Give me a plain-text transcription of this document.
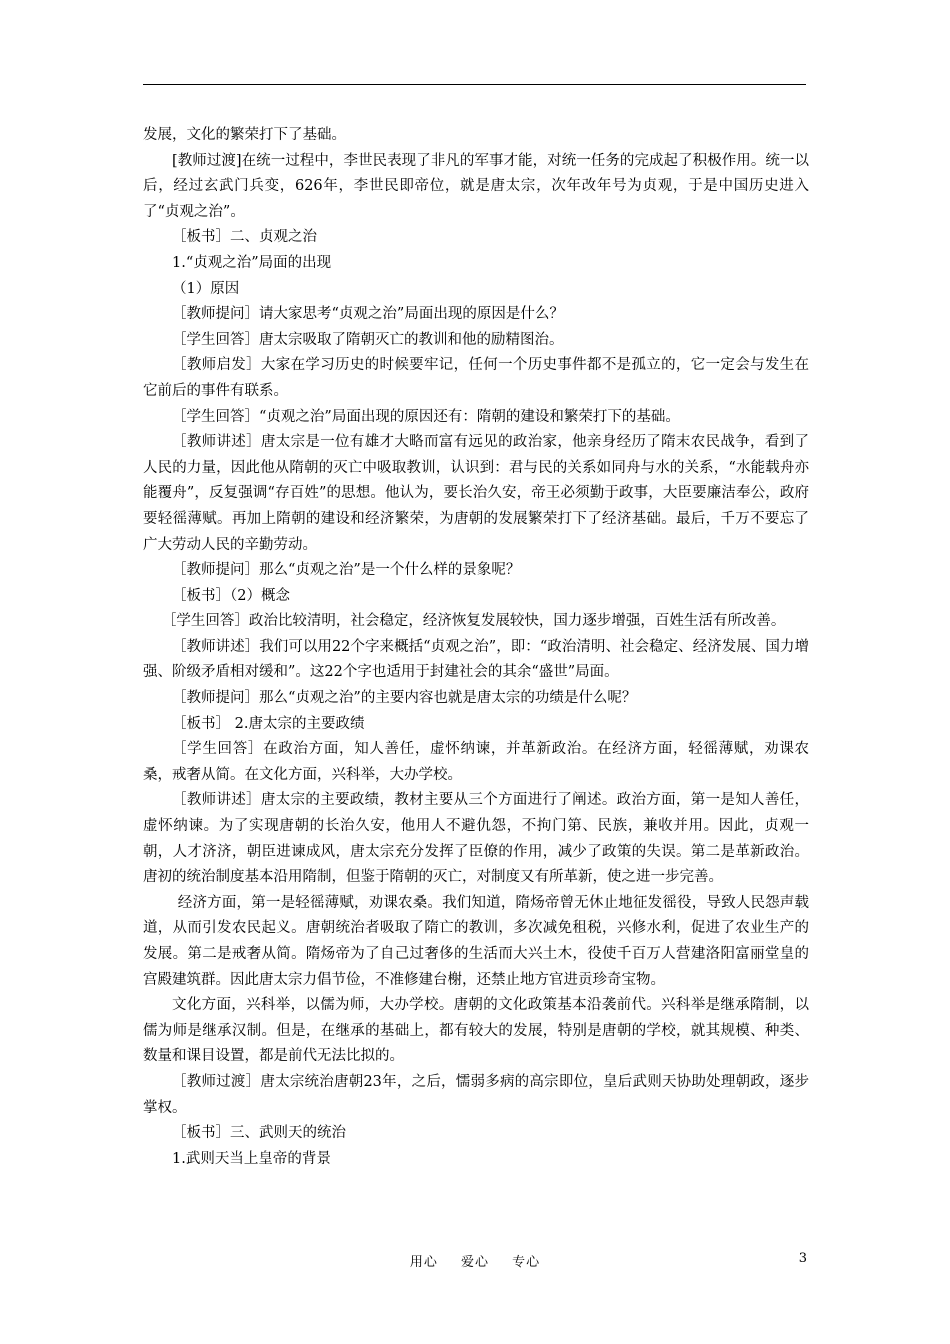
发展，文化的繁荣打下了基础。

[教师过渡]在统一过程中，李世民表现了非凡的军事才能，对统一任务的完成起了积极作用。统一以后，经过玄武门兵变，626年，李世民即帝位，就是唐太宗，次年改年号为贞观，于是中国历史进入了“贞观之治”。

［板书］二、贞观之治

1.“贞观之治”局面的出现

（1）原因

［教师提问］请大家思考“贞观之治”局面出现的原因是什么？

［学生回答］唐太宗吸取了隋朝灭亡的教训和他的励精图治。

［教师启发］大家在学习历史的时候要牢记，任何一个历史事件都不是孤立的，它一定会与发生在它前后的事件有联系。

［学生回答］“贞观之治”局面出现的原因还有：隋朝的建设和繁荣打下的基础。

［教师讲述］唐太宗是一位有雄才大略而富有远见的政治家，他亲身经历了隋末农民战争，看到了人民的力量，因此他从隋朝的灭亡中吸取教训，认识到：君与民的关系如同舟与水的关系，“水能载舟亦能覆舟”，反复强调“存百姓”的思想。他认为，要长治久安，帝王必须勤于政事，大臣要廉洁奉公，政府要轻徭薄赋。再加上隋朝的建设和经济繁荣，为唐朝的发展繁荣打下了经济基础。最后，千万不要忘了广大劳动人民的辛勤劳动。

［教师提问］那么“贞观之治”是一个什么样的景象呢？

［板书］（2）概念

［学生回答］政治比较清明，社会稳定，经济恢复发展较快，国力逐步增强，百姓生活有所改善。

［教师讲述］我们可以用22个字来概括“贞观之治”，即：“政治清明、社会稳定、经济发展、国力增强、阶级矛盾相对缓和”。这22个字也适用于封建社会的其余“盛世”局面。

［教师提问］那么“贞观之治”的主要内容也就是唐太宗的功绩是什么呢？

［板书］ 2.唐太宗的主要政绩

［学生回答］在政治方面，知人善任，虚怀纳谏，并革新政治。在经济方面，轻徭薄赋，劝课农桑，戒奢从简。在文化方面，兴科举，大办学校。

［教师讲述］唐太宗的主要政绩，教材主要从三个方面进行了阐述。政治方面，第一是知人善任，虚怀纳谏。为了实现唐朝的长治久安，他用人不避仇怨，不拘门第、民族，兼收并用。因此，贞观一朝，人才济济，朝臣进谏成风，唐太宗充分发挥了臣僚的作用，减少了政策的失误。第二是革新政治。唐初的统治制度基本沿用隋制，但鉴于隋朝的灭亡，对制度又有所革新，使之进一步完善。

经济方面，第一是轻徭薄赋，劝课农桑。我们知道，隋炀帝曾无休止地征发徭役，导致人民怨声载道，从而引发农民起义。唐朝统治者吸取了隋亡的教训，多次减免租税，兴修水利，促进了农业生产的发展。第二是戒奢从简。隋炀帝为了自己过奢侈的生活而大兴土木，役使千百万人营建洛阳富丽堂皇的宫殿建筑群。因此唐太宗力倡节俭，不准修建台榭，还禁止地方官进贡珍奇宝物。

文化方面，兴科举，以儒为师，大办学校。唐朝的文化政策基本沿袭前代。兴科举是继承隋制，以儒为师是继承汉制。但是，在继承的基础上，都有较大的发展，特别是唐朝的学校，就其规模、种类、数量和课目设置，都是前代无法比拟的。

［教师过渡］唐太宗统治唐朝23年，之后，懦弱多病的高宗即位，皇后武则天协助处理朝政，逐步掌权。

［板书］三、武则天的统治

1.武则天当上皇帝的背景

用心 爱心 专心	3
